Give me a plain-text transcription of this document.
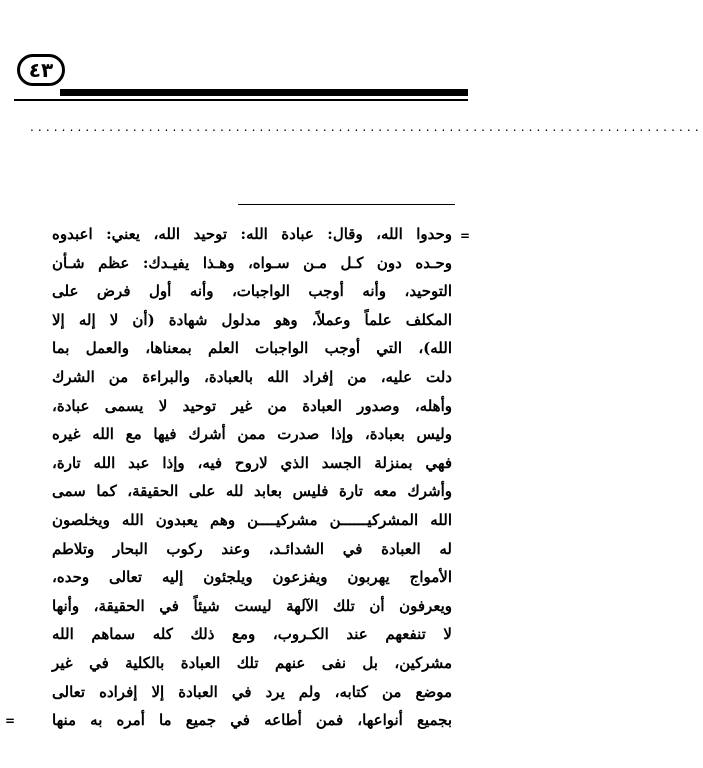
٤٣
.....................................................................................
=
=
وحدوا الله، وقال: عبادة الله: توحيد الله، يعني: اعبدوه
وحـده دون كـل مـن سـواه، وهـذا يفيـدك: عظم شـأن
التوحيد، وأنه أوجب الواجبات، وأنه أول فرض على
المكلف علماً وعملاً، وهو مدلول شهادة (أن لا إله إلا
الله)، التي أوجب الواجبات العلم بمعناها، والعمل بما
دلت عليه، من إفراد الله بالعبادة، والبراءة من الشرك
وأهله، وصدور العبادة من غير توحيد لا يسمى عبادة،
وليس بعبادة، وإذا صدرت ممن أشرك فيها مع الله غيره
فهي بمنزلة الجسد الذي لاروح فيه، وإذا عبد الله تارة،
وأشرك معه تارة فليس بعابد لله على الحقيقة، كما سمى
الله المشركيــــــن مشركيــــن وهم يعبدون الله ويخلصون
له العبادة في الشدائـد، وعند ركوب البحار وتلاطم
الأمواج يهربون ويفزعون ويلجئون إليه تعالى وحده،
ويعرفون أن تلك الآلهة ليست شيئاً في الحقيقة، وأنها
لا تنفعهم عند الكـروب، ومع ذلك كله سماهم الله
مشركين، بل نفى عنهم تلك العبادة بالكلية في غير
موضع من كتابه، ولم يرد في العبادة إلا إفراده تعالى
بجميع أنواعها، فمن أطاعه في جميع ما أمره به منها
